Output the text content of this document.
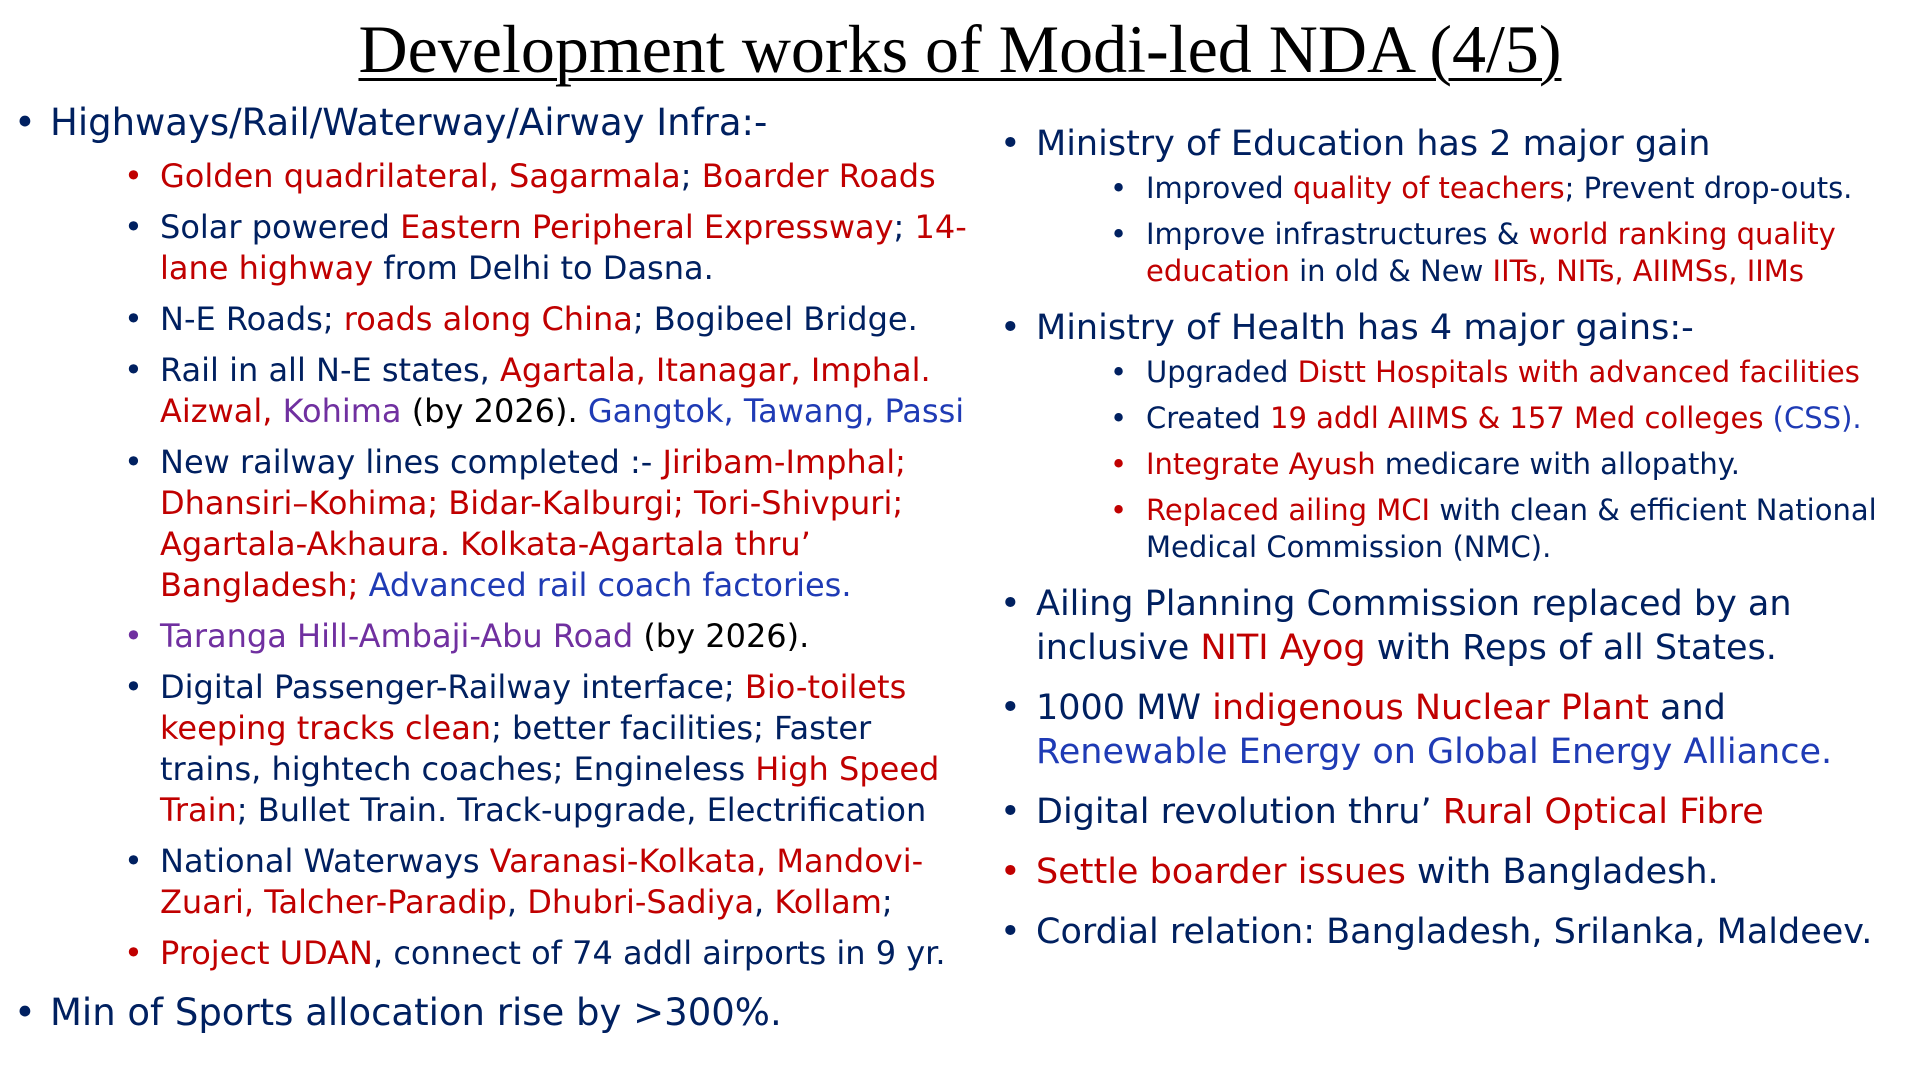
Development works of Modi-led NDA (4/5)
• Highways/Rail/Waterway/Airway Infra:-
• Golden quadrilateral, Sagarmala; Boarder Roads
• Solar powered Eastern Peripheral Expressway; 14-lane highway from Delhi to Dasna.
• N-E Roads; roads along China; Bogibeel Bridge.
• Rail in all N-E states, Agartala, Itanagar, Imphal. Aizwal, Kohima (by 2026). Gangtok, Tawang, Passi
• New railway lines completed :- Jiribam-Imphal; Dhansiri–Kohima; Bidar-Kalburgi; Tori-Shivpuri; Agartala-Akhaura. Kolkata-Agartala thru’ Bangladesh; Advanced rail coach factories.
• Taranga Hill-Ambaji-Abu Road (by 2026).
• Digital Passenger-Railway interface; Bio-toilets keeping tracks clean; better facilities; Faster trains, hightech coaches; Engineless High Speed Train; Bullet Train. Track-upgrade, Electrification
• National Waterways Varanasi-Kolkata, Mandovi-Zuari, Talcher-Paradip, Dhubri-Sadiya, Kollam;
• Project UDAN, connect of 74 addl airports in 9 yr.
• Min of Sports allocation rise by >300%.
• Ministry of Education has 2 major gain
• Improved quality of teachers; Prevent drop-outs.
• Improve infrastructures & world ranking quality education in old & New IITs, NITs, AIIMSs, IIMs
• Ministry of Health has 4 major gains:-
• Upgraded Distt Hospitals with advanced facilities
• Created 19 addl AIIMS & 157 Med colleges (CSS).
• Integrate Ayush medicare with allopathy.
• Replaced ailing MCI with clean & efficient National Medical Commission (NMC).
• Ailing Planning Commission replaced by an inclusive NITI Ayog with Reps of all States.
• 1000 MW indigenous Nuclear Plant and Renewable Energy on Global Energy Alliance.
• Digital revolution thru’ Rural Optical Fibre
• Settle boarder issues with Bangladesh.
• Cordial relation: Bangladesh, Srilanka, Maldeev.
